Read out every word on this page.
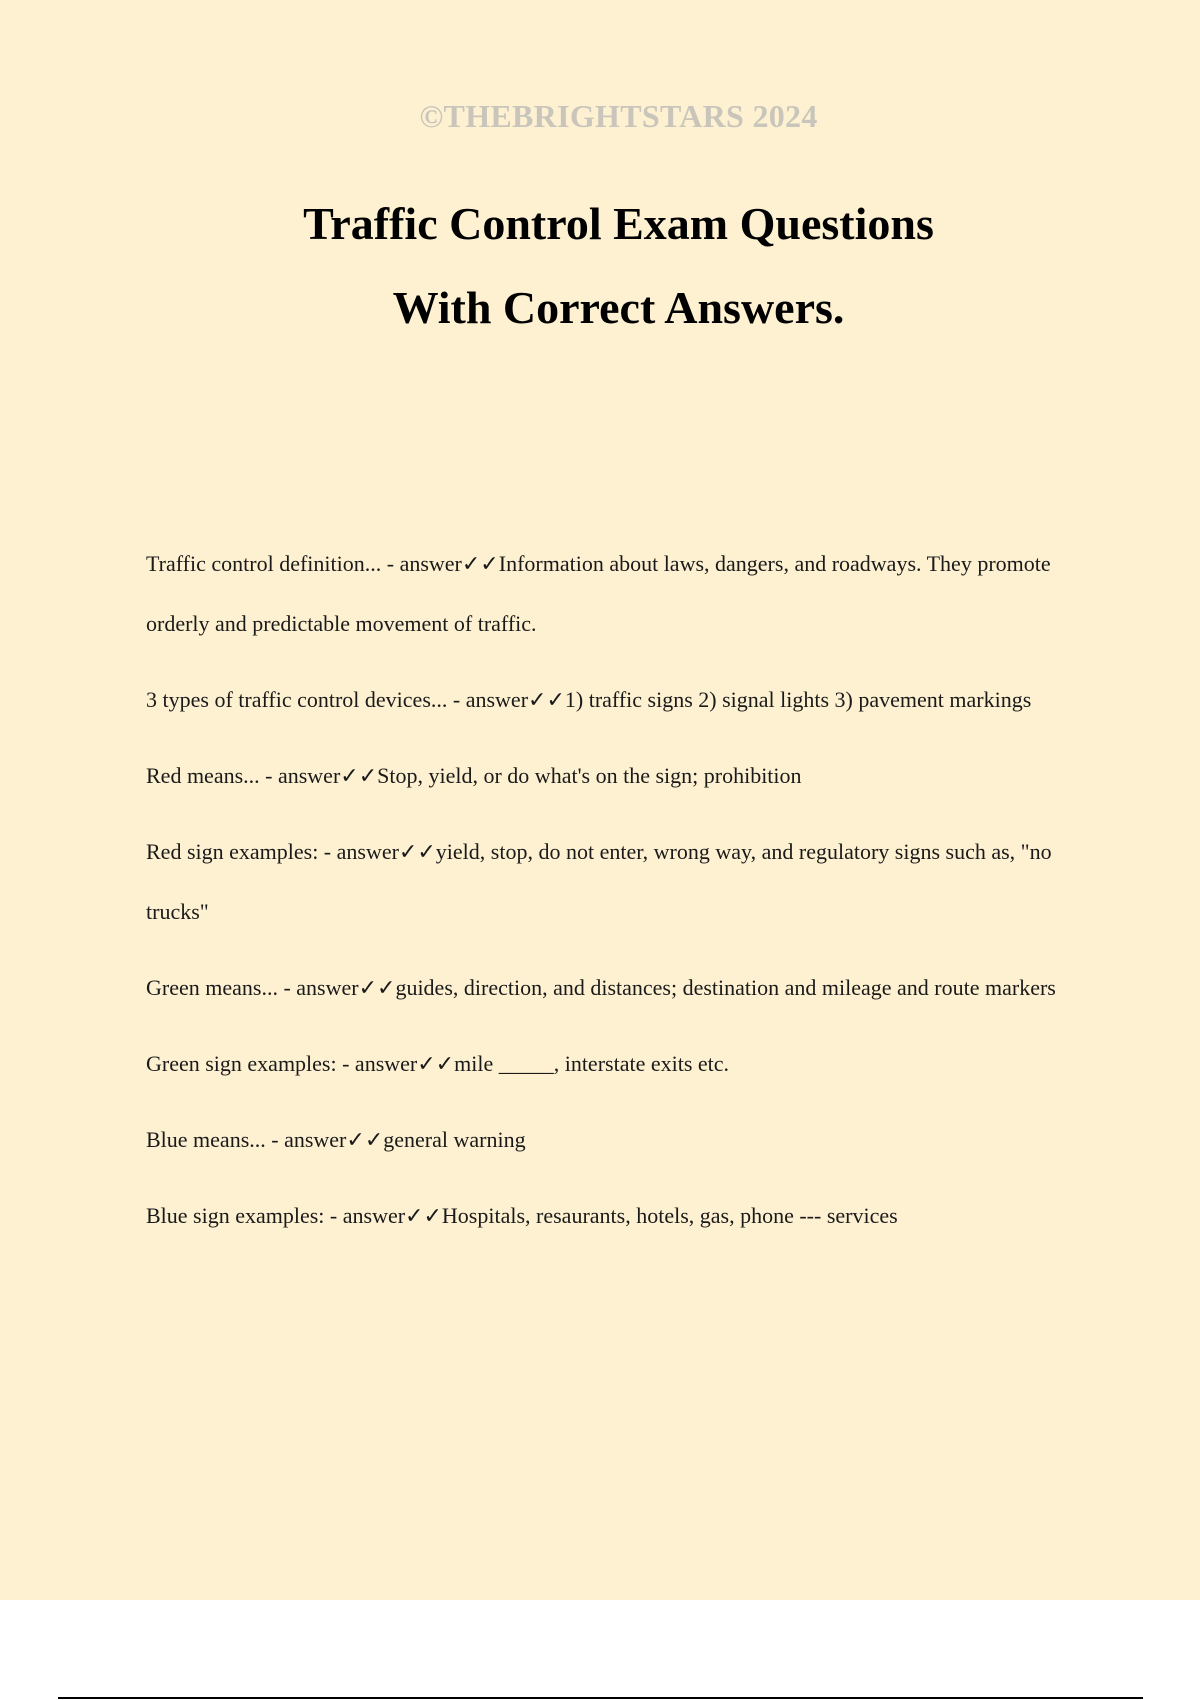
©THEBRIGHTSTARS 2024
Traffic Control Exam Questions
With Correct Answers.

Traffic control definition... - answer✓✓Information about laws, dangers, and roadways. They promote orderly and predictable movement of traffic.

3 types of traffic control devices... - answer✓✓1) traffic signs 2) signal lights 3) pavement markings

Red means... - answer✓✓Stop, yield, or do what's on the sign; prohibition

Red sign examples: - answer✓✓yield, stop, do not enter, wrong way, and regulatory signs such as, "no trucks"

Green means... - answer✓✓guides, direction, and distances; destination and mileage and route markers

Green sign examples: - answer✓✓mile _____, interstate exits etc.

Blue means... - answer✓✓general warning

Blue sign examples: - answer✓✓Hospitals, resaurants, hotels, gas, phone --- services
